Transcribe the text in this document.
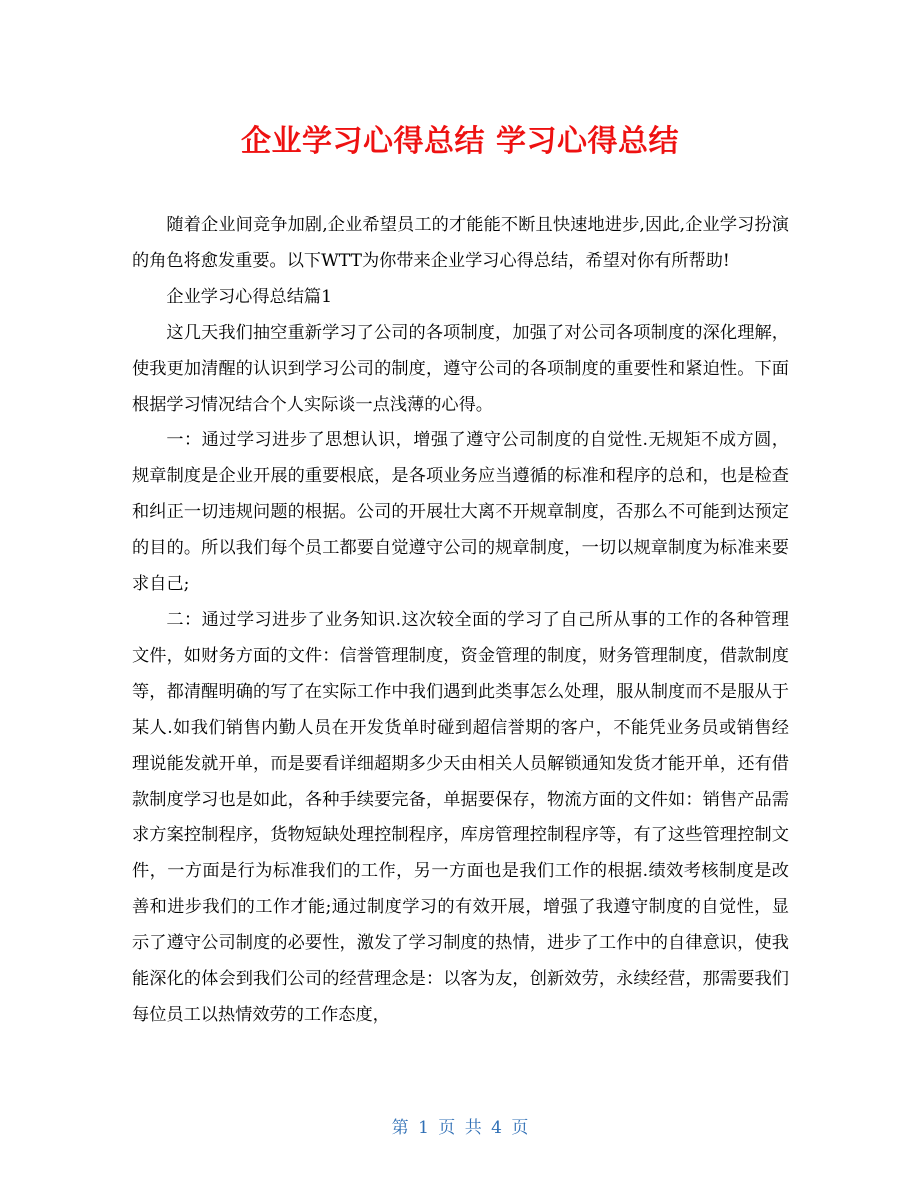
企业学习心得总结 学习心得总结

随着企业间竞争加剧,企业希望员工的才能能不断且快速地进步,因此,企业学习扮演的角色将愈发重要。以下WTT为你带来企业学习心得总结，希望对你有所帮助!

企业学习心得总结篇1

这几天我们抽空重新学习了公司的各项制度，加强了对公司各项制度的深化理解，使我更加清醒的认识到学习公司的制度，遵守公司的各项制度的重要性和紧迫性。下面根据学习情况结合个人实际谈一点浅薄的心得。

一：通过学习进步了思想认识，增强了遵守公司制度的自觉性.无规矩不成方圆，规章制度是企业开展的重要根底，是各项业务应当遵循的标准和程序的总和，也是检查和纠正一切违规问题的根据。公司的开展壮大离不开规章制度，否那么不可能到达预定的目的。所以我们每个员工都要自觉遵守公司的规章制度，一切以规章制度为标准来要求自己;

二：通过学习进步了业务知识.这次较全面的学习了自己所从事的工作的各种管理文件，如财务方面的文件：信誉管理制度，资金管理的制度，财务管理制度，借款制度等，都清醒明确的写了在实际工作中我们遇到此类事怎么处理，服从制度而不是服从于某人.如我们销售内勤人员在开发货单时碰到超信誉期的客户，不能凭业务员或销售经理说能发就开单，而是要看详细超期多少天由相关人员解锁通知发货才能开单，还有借款制度学习也是如此，各种手续要完备，单据要保存，物流方面的文件如：销售产品需求方案控制程序，货物短缺处理控制程序，库房管理控制程序等，有了这些管理控制文件，一方面是行为标准我们的工作，另一方面也是我们工作的根据.绩效考核制度是改善和进步我们的工作才能;通过制度学习的有效开展，增强了我遵守制度的自觉性，显示了遵守公司制度的必要性，激发了学习制度的热情，进步了工作中的自律意识，使我能深化的体会到我们公司的经营理念是：以客为友，创新效劳，永续经营，那需要我们每位员工以热情效劳的工作态度，

第 1 页 共 4 页
